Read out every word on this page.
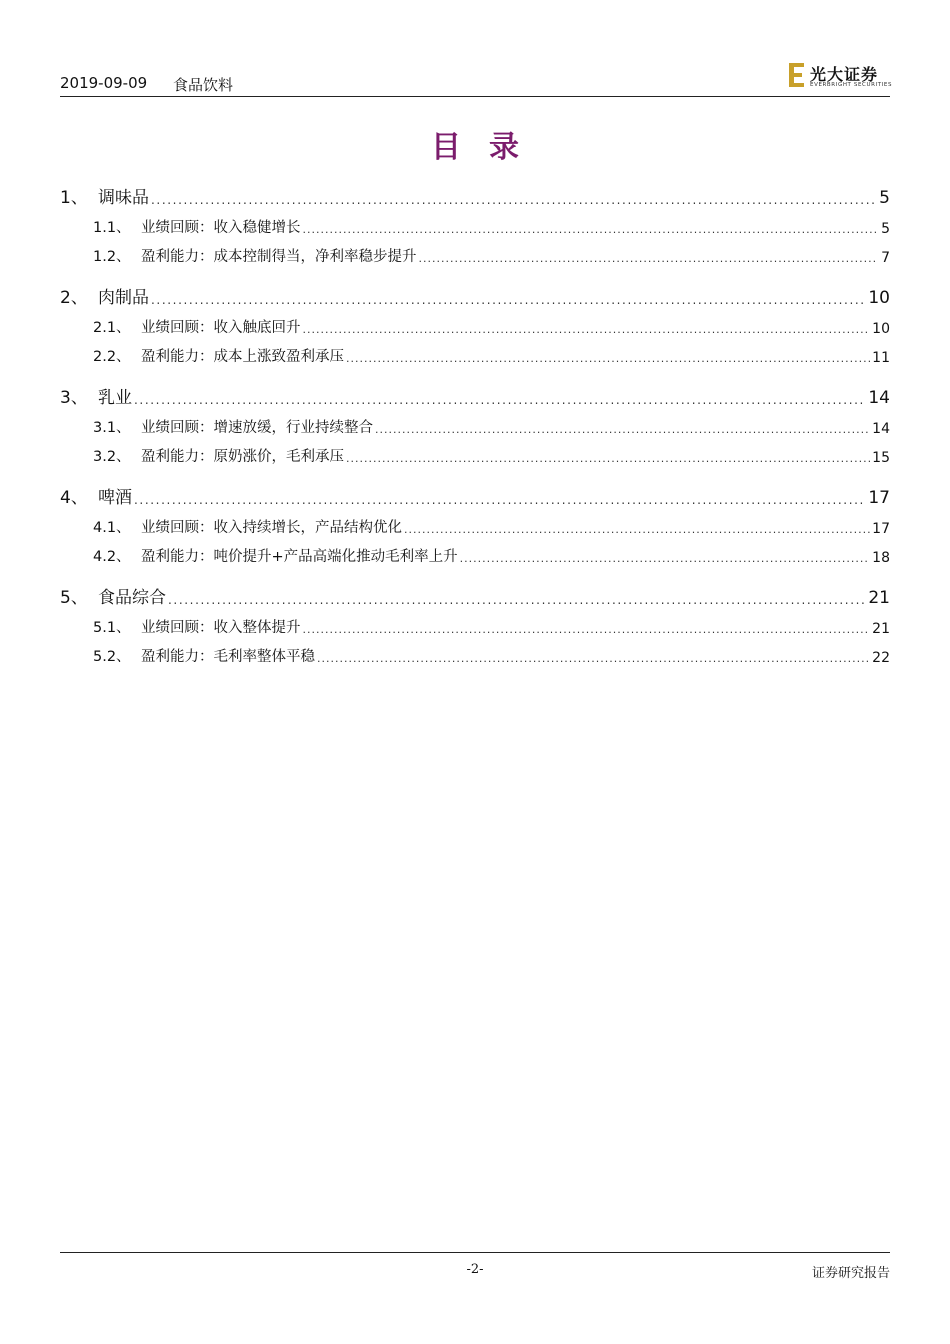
2019-09-09 食品饮料
光大证券
EVERBRIGHT SECURITIES
目录
1、 调味品 .....	5
1.1、 业绩回顾：收入稳健增长 .....	5
1.2、 盈利能力：成本控制得当，净利率稳步提升 .....	7
2、 肉制品 .....	10
2.1、 业绩回顾：收入触底回升 .....	10
2.2、 盈利能力：成本上涨致盈利承压 .....	11
3、 乳业 .....	14
3.1、 业绩回顾：增速放缓，行业持续整合 .....	14
3.2、 盈利能力：原奶涨价，毛利承压 .....	15
4、 啤酒 .....	17
4.1、 业绩回顾：收入持续增长，产品结构优化 .....	17
4.2、 盈利能力：吨价提升+产品高端化推动毛利率上升 .....	18
5、 食品综合 .....	21
5.1、 业绩回顾：收入整体提升 .....	21
5.2、 盈利能力：毛利率整体平稳 .....	22
-2-	证券研究报告
